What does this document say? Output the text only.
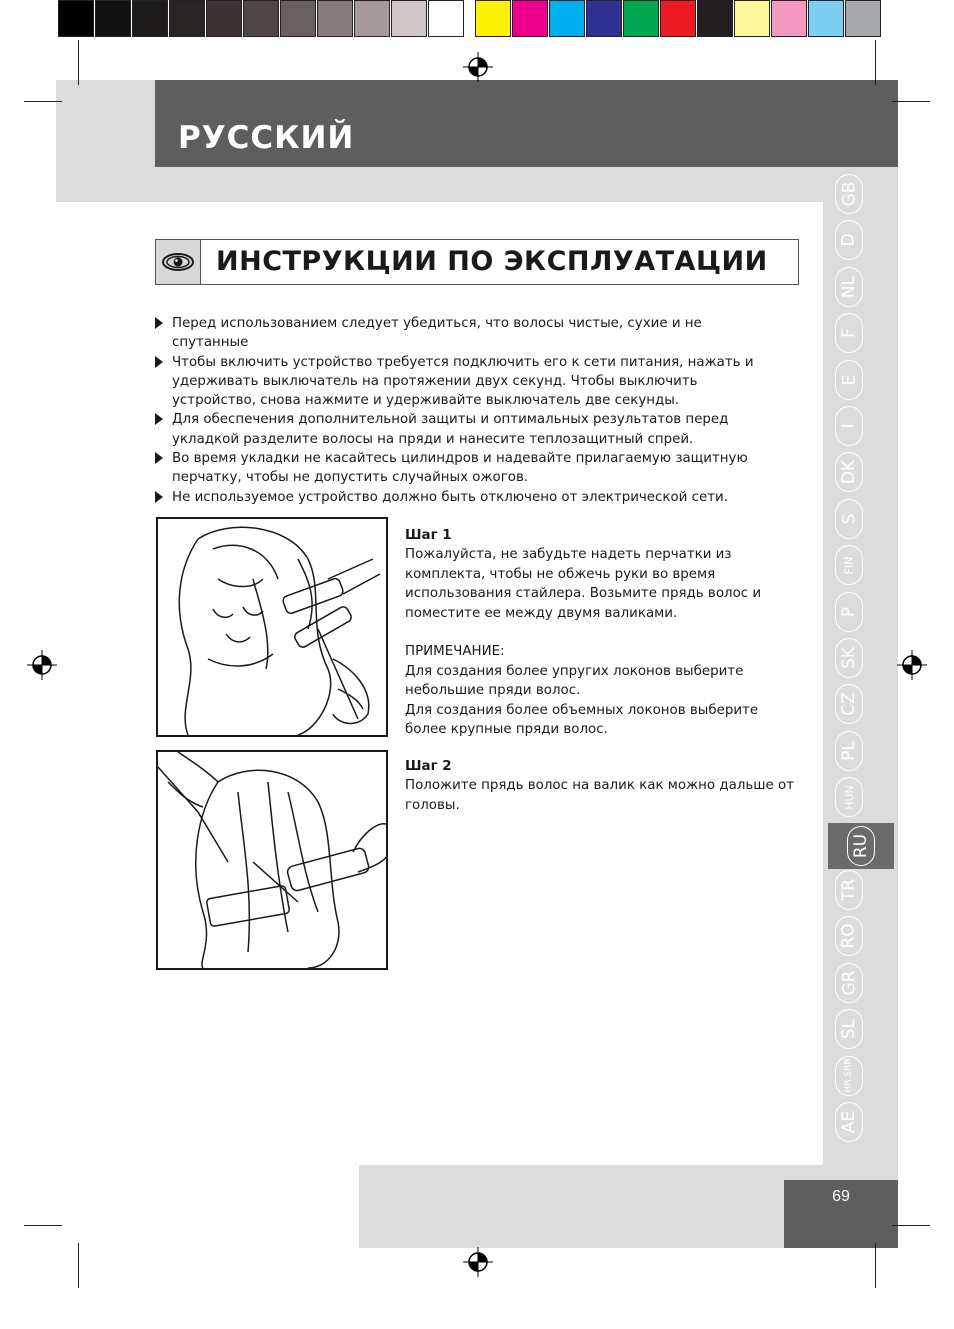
РУССКИЙ
GB
D
NL
F
E
I
DK
S
FIN
P
SK
CZ
PL
HUN
RU
TR
RO
GR
SL
HR SRB
AE
ИНСТРУКЦИИ ПО ЭКСПЛУАТАЦИИ
Перед использованием следует убедиться, что волосы чистые, сухие и не спутанные
Чтобы включить устройство требуется подключить его к сети питания, нажать и удерживать выключатель на протяжении двух секунд. Чтобы выключить устройство, снова нажмите и удерживайте выключатель две секунды.
Для обеспечения дополнительной защиты и оптимальных результатов перед укладкой разделите волосы на пряди и нанесите теплозащитный спрей.
Во время укладки не касайтесь цилиндров и надевайте прилагаемую защитную перчатку, чтобы не допустить случайных ожогов.
Не используемое устройство должно быть отключено от электрической сети.
Шаг 1
Пожалуйста, не забудьте надеть перчатки из комплекта, чтобы не обжечь руки во время использования стайлера. Возьмите прядь волос и поместите ее между двумя валиками.
ПРИМЕЧАНИЕ:
Для создания более упругих локонов выберите небольшие пряди волос.
Для создания более объемных локонов выберите более крупные пряди волос.
Шаг 2
Положите прядь волос на валик как можно дальше от головы.
69
